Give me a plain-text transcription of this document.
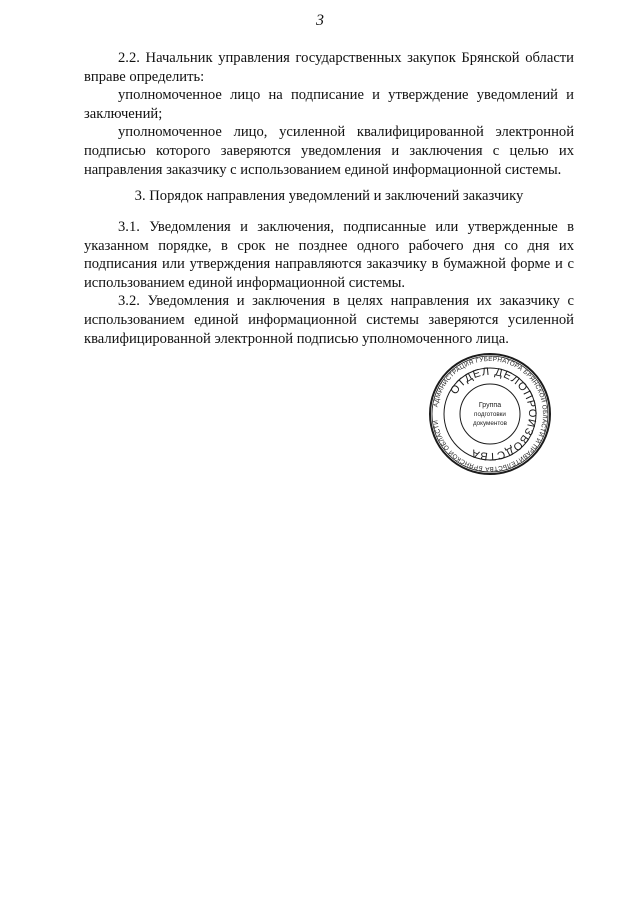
3

2.2. Начальник управления государственных закупок Брянской области вправе определить:

уполномоченное лицо на подписание и утверждение уведомлений и заключений;

уполномоченное лицо, усиленной квалифицированной электронной подписью которого заверяются уведомления и заключения с целью их направления заказчику с использованием единой информационной системы.

3. Порядок направления уведомлений и заключений заказчику

3.1. Уведомления и заключения, подписанные или утвержденные в указанном порядке, в срок не позднее одного рабочего дня со дня их подписания или утверждения направляются заказчику в бумажной форме и с использованием единой информационной системы.

3.2. Уведомления и заключения в целях направления их заказчику с использованием единой информационной системы заверяются усиленной квалифицированной электронной подписью уполномоченного лица.

АДМИНИСТРАЦИЯ ГУБЕРНАТОРА БРЯНСКОЙ ОБЛАСТИ И ПРАВИТЕЛЬСТВА БРЯНСКОЙ ОБЛАСТИ
ОТДЕЛ ДЕЛОПРОИЗВОДСТВА
Группа
подготовки
документов
